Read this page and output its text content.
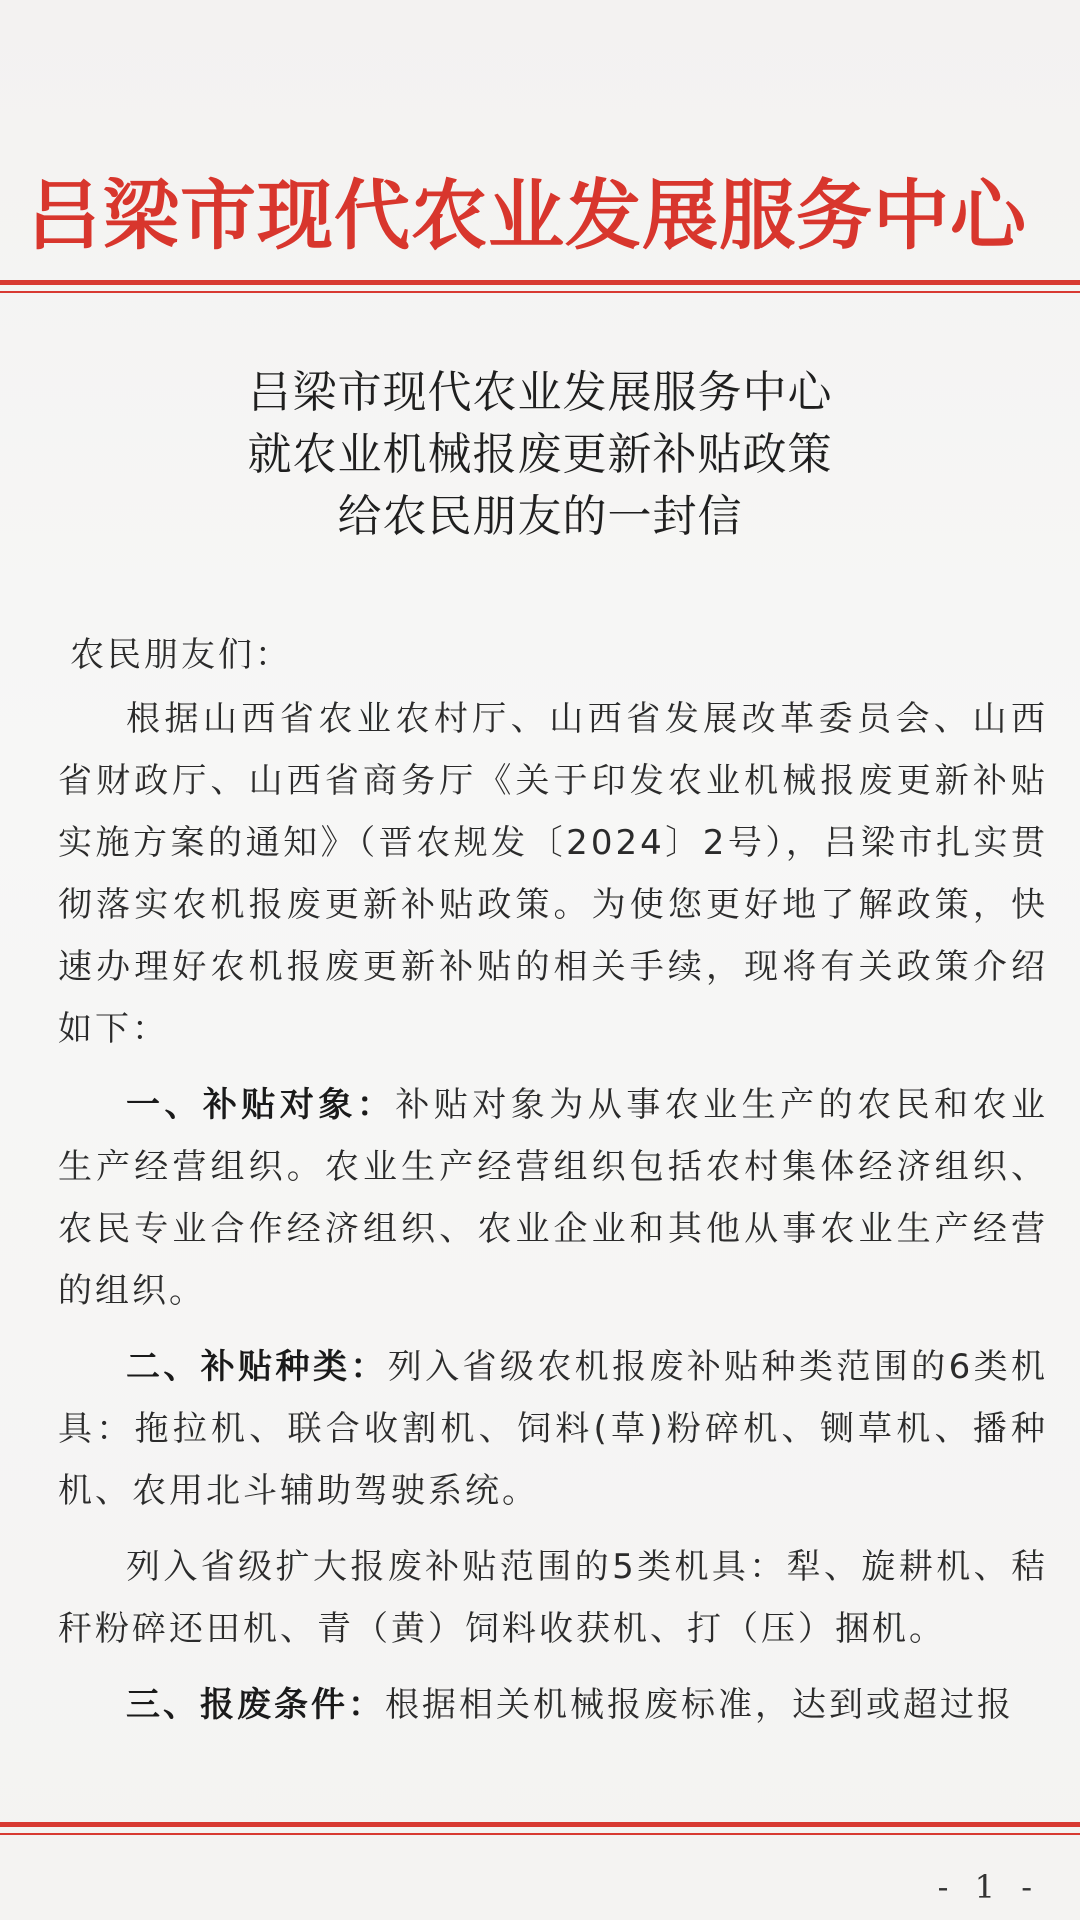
吕梁市现代农业发展服务中心
吕梁市现代农业发展服务中心
就农业机械报废更新补贴政策
给农民朋友的一封信

农民朋友们：

根据山西省农业农村厅、山西省发展改革委员会、山西省财政厅、山西省商务厅《关于印发农业机械报废更新补贴实施方案的通知》（晋农规发〔2024〕2号），吕梁市扎实贯彻落实农机报废更新补贴政策。为使您更好地了解政策，快速办理好农机报废更新补贴的相关手续，现将有关政策介绍如下：

一、补贴对象：补贴对象为从事农业生产的农民和农业生产经营组织。农业生产经营组织包括农村集体经济组织、农民专业合作经济组织、农业企业和其他从事农业生产经营的组织。

二、补贴种类：列入省级农机报废补贴种类范围的6类机具：拖拉机、联合收割机、饲料(草)粉碎机、铡草机、播种机、农用北斗辅助驾驶系统。

列入省级扩大报废补贴范围的5类机具：犁、旋耕机、秸秆粉碎还田机、青（黄）饲料收获机、打（压）捆机。

三、报废条件：根据相关机械报废标准，达到或超过报

- 1 -
